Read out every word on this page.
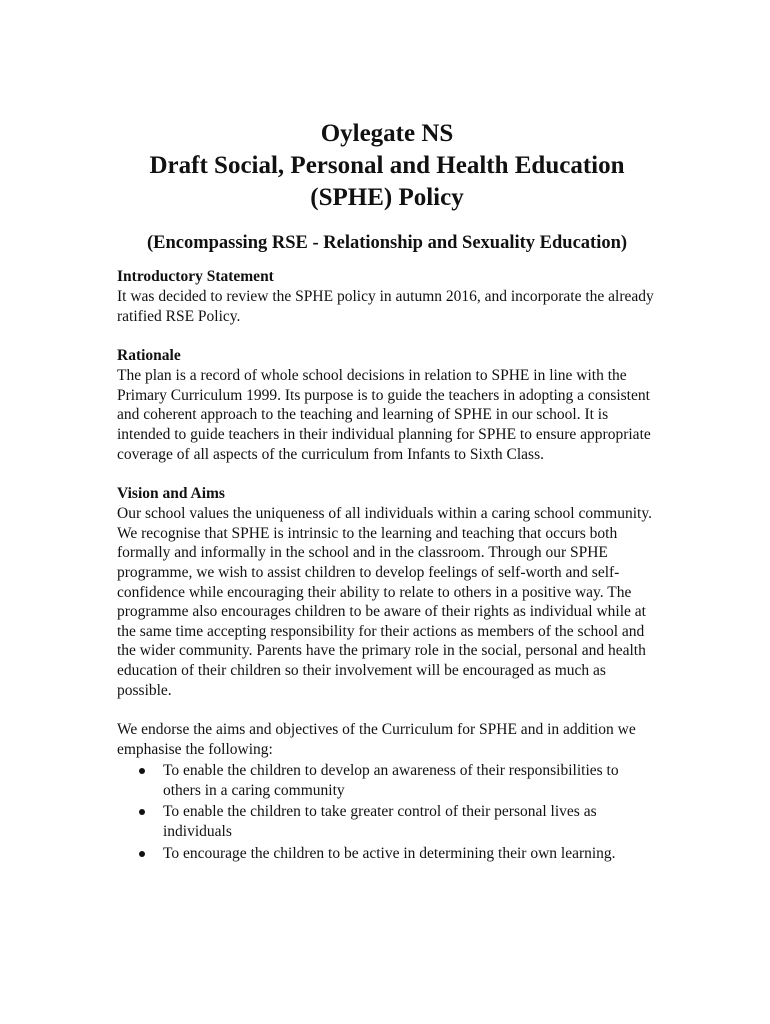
Oylegate NS
Draft Social, Personal and Health Education
(SPHE) Policy
(Encompassing RSE - Relationship and Sexuality Education)
Introductory Statement

It was decided to review the SPHE policy in autumn 2016, and incorporate the already ratified RSE Policy.

Rationale

The plan is a record of whole school decisions in relation to SPHE in line with the Primary Curriculum 1999. Its purpose is to guide the teachers in adopting a consistent and coherent approach to the teaching and learning of SPHE in our school. It is intended to guide teachers in their individual planning for SPHE to ensure appropriate coverage of all aspects of the curriculum from Infants to Sixth Class.

Vision and Aims

Our school values the uniqueness of all individuals within a caring school community. We recognise that SPHE is intrinsic to the learning and teaching that occurs both formally and informally in the school and in the classroom. Through our SPHE programme, we wish to assist children to develop feelings of self-worth and self-confidence while encouraging their ability to relate to others in a positive way. The programme also encourages children to be aware of their rights as individual while at the same time accepting responsibility for their actions as members of the school and the wider community. Parents have the primary role in the social, personal and health education of their children so their involvement will be encouraged as much as possible.

We endorse the aims and objectives of the Curriculum for SPHE and in addition we emphasise the following:

To enable the children to develop an awareness of their responsibilities to others in a caring community
To enable the children to take greater control of their personal lives as individuals
To encourage the children to be active in determining their own learning.
